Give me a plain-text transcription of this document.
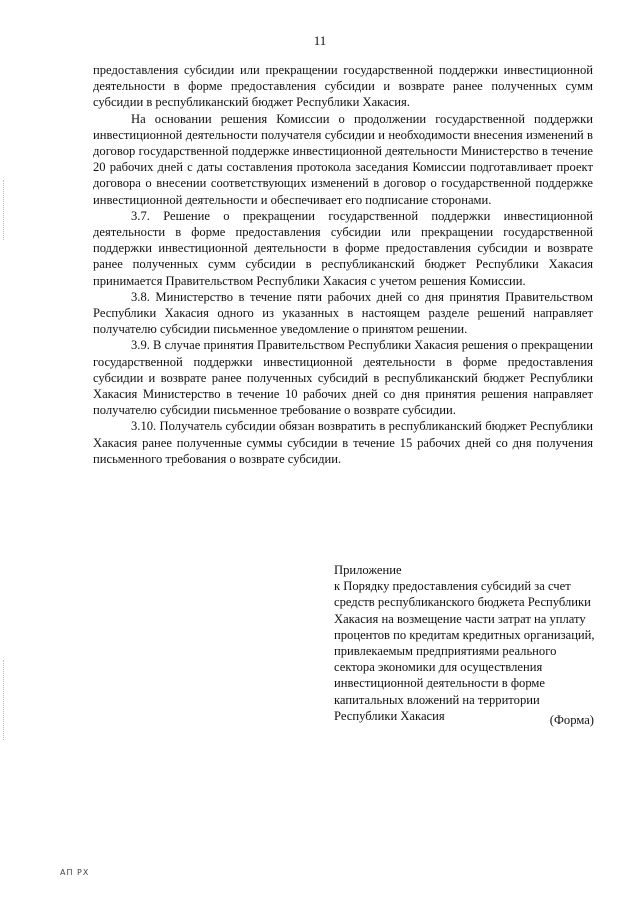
11

предоставления субсидии или прекращении государственной поддержки инвестиционной деятельности в форме предоставления субсидии и возврате ранее полученных сумм субсидии в республиканский бюджет Республики Хакасия.

На основании решения Комиссии о продолжении государственной поддержки инвестиционной деятельности получателя субсидии и необходимости внесения изменений в договор государственной поддержке инвестиционной деятельности Министерство в течение 20 рабочих дней с даты составления протокола заседания Комиссии подготавливает проект договора о внесении соответствующих изменений в договор о государственной поддержке инвестиционной деятельности и обеспечивает его подписание сторонами.

3.7. Решение о прекращении государственной поддержки инвестиционной деятельности в форме предоставления субсидии или прекращении государственной поддержки инвестиционной деятельности в форме предоставления субсидии и возврате ранее полученных сумм субсидии в республиканский бюджет Республики Хакасия принимается Правительством Республики Хакасия с учетом решения Комиссии.

3.8. Министерство в течение пяти рабочих дней со дня принятия Правительством Республики Хакасия одного из указанных в настоящем разделе решений направляет получателю субсидии письменное уведомление о принятом решении.

3.9. В случае принятия Правительством Республики Хакасия решения о прекращении государственной поддержки инвестиционной деятельности в форме предоставления субсидии и возврате ранее полученных субсидий в республиканский бюджет Республики Хакасия Министерство в течение 10 рабочих дней со дня принятия решения направляет получателю субсидии письменное требование о возврате субсидии.

3.10. Получатель субсидии обязан возвратить в республиканский бюджет Республики Хакасия ранее полученные суммы субсидии в течение 15 рабочих дней со дня получения письменного требования о возврате субсидии.

Приложение
к Порядку предоставления субсидий за счет средств республиканского бюджета Республики Хакасия на возмещение части затрат на уплату процентов по кредитам кредитных организаций, привлекаемым предприятиями реального сектора экономики для осуществления инвестиционной деятельности в форме капитальных вложений на территории Республики Хакасия	(Форма)
АП РХ
